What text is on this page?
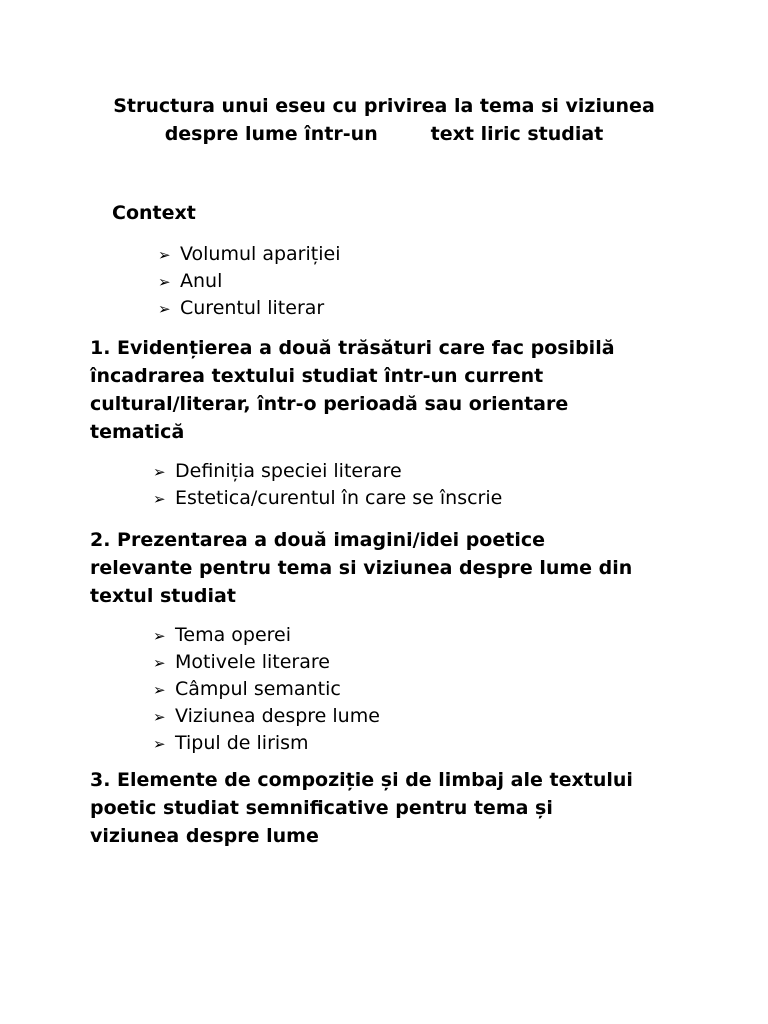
Structura unui eseu cu privirea la tema si viziunea
despre lume într-un        text liric studiat
Context
➢ Volumul apariției
➢ Anul
➢ Curentul literar
1. Evidențierea a două trăsături care fac posibilă
încadrarea textului studiat într-un current
cultural/literar, într-o perioadă sau orientare
tematică
➢ Definiția speciei literare
➢ Estetica/curentul în care se înscrie
2. Prezentarea a două imagini/idei poetice
relevante pentru tema si viziunea despre lume din
textul studiat
➢ Tema operei
➢ Motivele literare
➢ Câmpul semantic
➢ Viziunea despre lume
➢ Tipul de lirism
3. Elemente de compoziție și de limbaj ale textului
poetic studiat semnificative pentru tema și
viziunea despre lume
